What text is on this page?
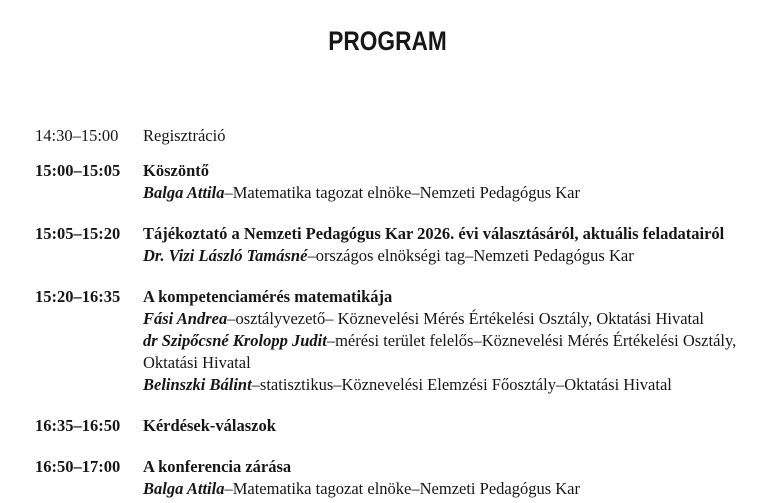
PROGRAM
14:30–15:00	Regisztráció
15:00–15:05	Köszöntő
Balga Attila–Matematika tagozat elnöke–Nemzeti Pedagógus Kar
15:05–15:20	Tájékoztató a Nemzeti Pedagógus Kar 2026. évi választásáról, aktuális feladatairól
Dr. Vizi László Tamásné–országos elnökségi tag–Nemzeti Pedagógus Kar
15:20–16:35	A kompetenciamérés matematikája
Fási Andrea–osztályvezető– Köznevelési Mérés Értékelési Osztály, Oktatási Hivatal
dr Szipőcsné Krolopp Judit–mérési terület felelős–Köznevelési Mérés Értékelési Osztály, Oktatási Hivatal
Belinszki Bálint–statisztikus–Köznevelési Elemzési Főosztály–Oktatási Hivatal
16:35–16:50	Kérdések-válaszok
16:50–17:00	A konferencia zárása
Balga Attila–Matematika tagozat elnöke–Nemzeti Pedagógus Kar
